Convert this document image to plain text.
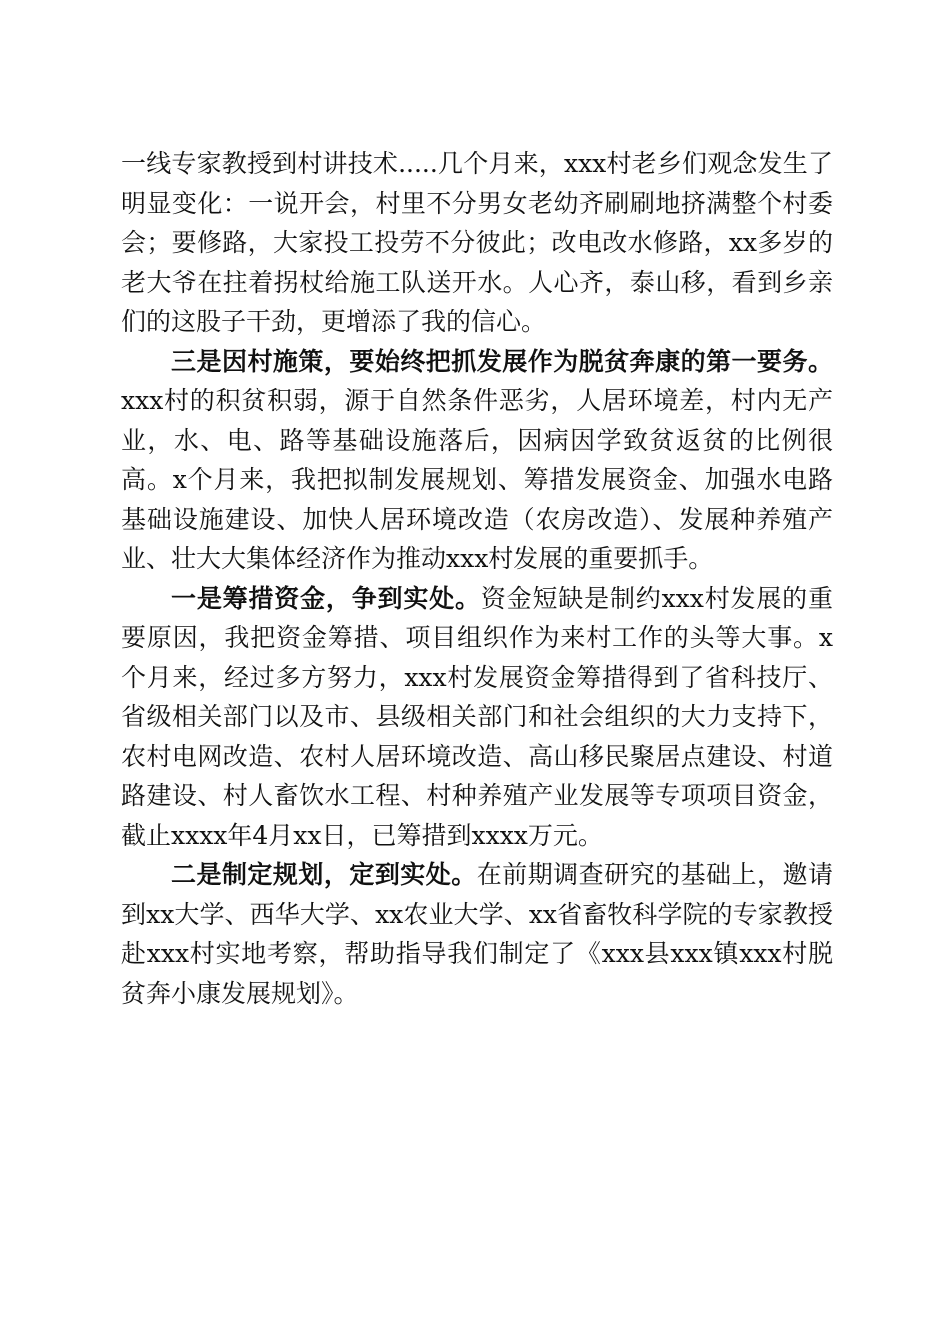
一线专家教授到村讲技术.....几个月来，xxx村老乡们观念发生了明显变化：一说开会，村里不分男女老幼齐刷刷地挤满整个村委会；要修路，大家投工投劳不分彼此；改电改水修路，xx多岁的老大爷在拄着拐杖给施工队送开水。人心齐，泰山移，看到乡亲们的这股子干劲，更增添了我的信心。

三是因村施策，要始终把抓发展作为脱贫奔康的第一要务。xxx村的积贫积弱，源于自然条件恶劣，人居环境差，村内无产业，水、电、路等基础设施落后，因病因学致贫返贫的比例很高。x个月来，我把拟制发展规划、筹措发展资金、加强水电路基础设施建设、加快人居环境改造（农房改造）、发展种养殖产业、壮大大集体经济作为推动xxx村发展的重要抓手。

一是筹措资金，争到实处。资金短缺是制约xxx村发展的重要原因，我把资金筹措、项目组织作为来村工作的头等大事。x个月来，经过多方努力，xxx村发展资金筹措得到了省科技厅、省级相关部门以及市、县级相关部门和社会组织的大力支持下，农村电网改造、农村人居环境改造、高山移民聚居点建设、村道路建设、村人畜饮水工程、村种养殖产业发展等专项项目资金，截止xxxx年4月xx日，已筹措到xxxx万元。

二是制定规划，定到实处。在前期调查研究的基础上，邀请到xx大学、西华大学、xx农业大学、xx省畜牧科学院的专家教授赴xxx村实地考察，帮助指导我们制定了《xxx县xxx镇xxx村脱贫奔小康发展规划》。
